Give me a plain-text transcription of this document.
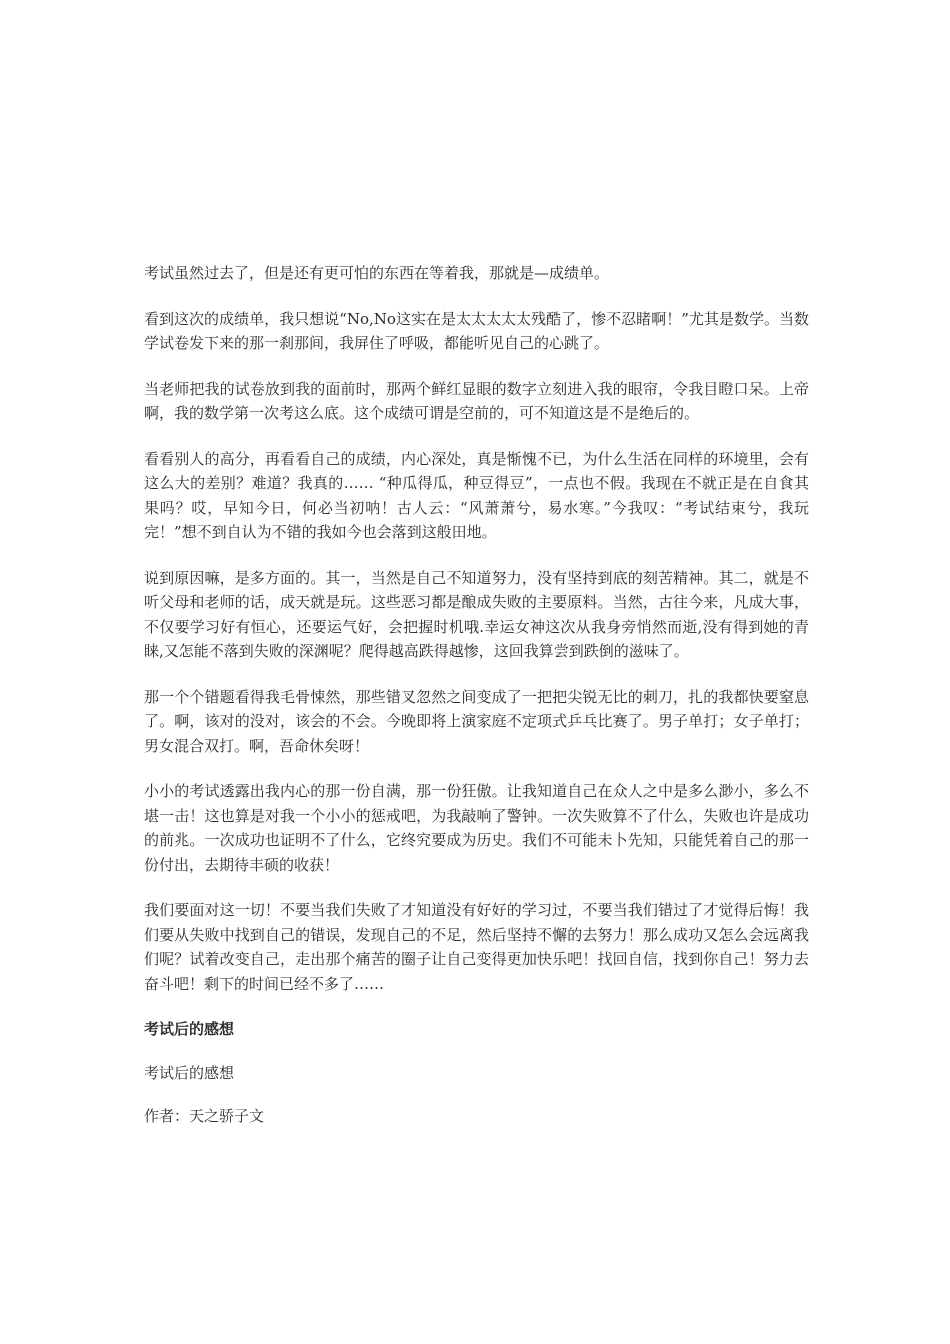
考试虽然过去了，但是还有更可怕的东西在等着我，那就是—成绩单。

看到这次的成绩单，我只想说“No,No这实在是太太太太太残酷了，惨不忍睹啊！”尤其是数学。当数学试卷发下来的那一刹那间，我屏住了呼吸，都能听见自己的心跳了。

当老师把我的试卷放到我的面前时，那两个鲜红显眼的数字立刻进入我的眼帘，令我目瞪口呆。上帝啊，我的数学第一次考这么底。这个成绩可谓是空前的，可不知道这是不是绝后的。

看看别人的高分，再看看自己的成绩，内心深处，真是惭愧不已，为什么生活在同样的环境里，会有这么大的差别？难道？我真的…… “种瓜得瓜，种豆得豆”，一点也不假。我现在不就正是在自食其果吗？哎，早知今日，何必当初呐！古人云：“风萧萧兮，易水寒。”今我叹：“考试结束兮，我玩完！”想不到自认为不错的我如今也会落到这般田地。

说到原因嘛，是多方面的。其一，当然是自己不知道努力，没有坚持到底的刻苦精神。其二，就是不听父母和老师的话，成天就是玩。这些恶习都是酿成失败的主要原料。当然，古往今来，凡成大事，不仅要学习好有恒心，还要运气好，会把握时机哦.幸运女神这次从我身旁悄然而逝,没有得到她的青睐,又怎能不落到失败的深渊呢？爬得越高跌得越惨，这回我算尝到跌倒的滋味了。

那一个个错题看得我毛骨悚然，那些错叉忽然之间变成了一把把尖锐无比的刺刀，扎的我都快要窒息了。啊，该对的没对，该会的不会。今晚即将上演家庭不定项式乒乓比赛了。男子单打；女子单打；男女混合双打。啊，吾命休矣呀！

小小的考试透露出我内心的那一份自满，那一份狂傲。让我知道自己在众人之中是多么渺小，多么不堪一击！这也算是对我一个小小的惩戒吧，为我敲响了警钟。一次失败算不了什么，失败也许是成功的前兆。一次成功也证明不了什么，它终究要成为历史。我们不可能未卜先知，只能凭着自己的那一份付出，去期待丰硕的收获！

我们要面对这一切！不要当我们失败了才知道没有好好的学习过，不要当我们错过了才觉得后悔！我们要从失败中找到自己的错误，发现自己的不足，然后坚持不懈的去努力！那么成功又怎么会远离我们呢？试着改变自己，走出那个痛苦的圈子让自己变得更加快乐吧！找回自信，找到你自己！努力去奋斗吧！剩下的时间已经不多了……

考试后的感想

考试后的感想

作者：天之骄子文
